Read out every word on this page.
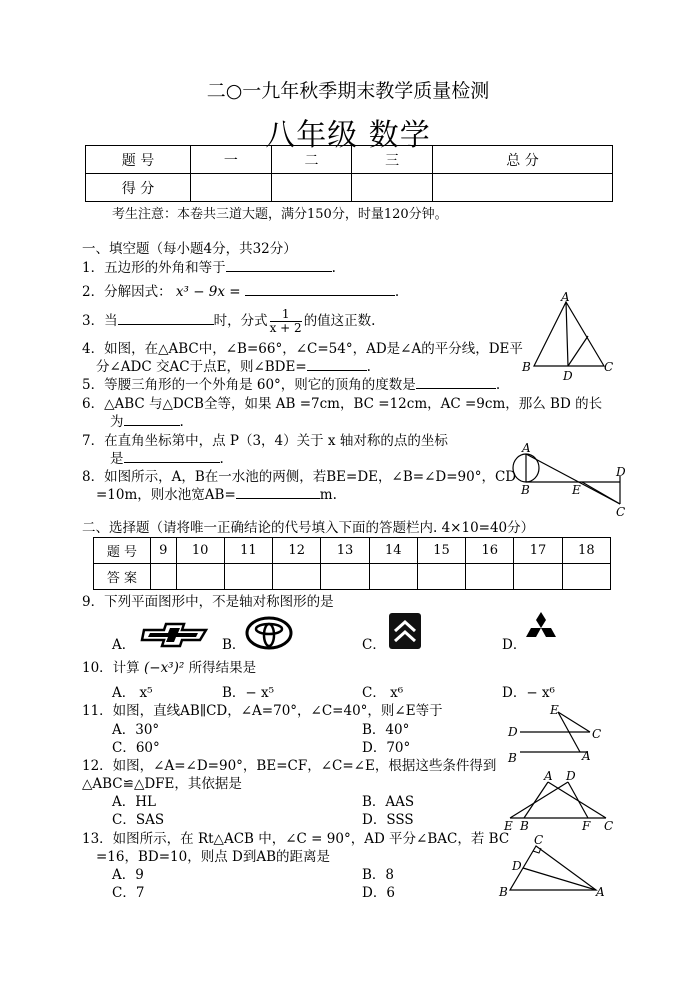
二○一九年秋季期末教学质量检测
八年级 数学
题 号	一	二	三	总 分
得 分				
考生注意：本卷共三道大题，满分150分，时量120分钟。
一、填空题（每小题4分，共32分）
1．五边形的外角和等于	.
2．分解因式： x³ − 9x =	.
3．当	时，分式 $\frac{1}{x + 2}$ 的值这正数.
4．如图，在△ABC中，∠B=66°，∠C=54°，AD是∠A的平分线，DE平
分∠ADC 交AC于点E，则∠BDE=	.
5．等腰三角形的一个外角是 60°，则它的顶角的度数是	.
6．△ABC 与△DCB全等，如果 AB =7cm，BC =12cm，AC =9cm，那么 BD 的长
为	.
7．在直角坐标第中，点 P（3，4）关于 x 轴对称的点的坐标
是	.
8．如图所示，A，B在一水池的两侧，若BE=DE，∠B=∠D=90°，CD
=10m，则水池宽AB=	m.
二、选择题（请将唯一正确结论的代号填入下面的答题栏内. 4×10=40分）
题 号	9	10	11	12	13	14	15	16	17	18
答 案										
9．下列平面图形中，不是轴对称图形的是
A．	B．	C．	D．
10．计算 (−x³)² 所得结果是
A． x⁵	B．− x⁵	C． x⁶	D．− x⁶
11．如图，直线AB∥CD，∠A=70°，∠C=40°，则∠E等于
A．30°	B．40°
C．60°	D．70°
12．如图，∠A=∠D=90°，BE=CF，∠C=∠E，根据这些条件得到
△ABC≌△DFE，其依据是
A．HL	B．AAS
C．SAS	D．SSS
13．如图所示，在 Rt△ACB 中，∠C = 90°，AD 平分∠BAC，若 BC
=16，BD=10，则点 D到AB的距离是
A．9	B．8
C．7	D．6
A
B
D
C
A
B	E
D
C
E
D	C
B	A
A D
E B	F C
C
D
B	A
